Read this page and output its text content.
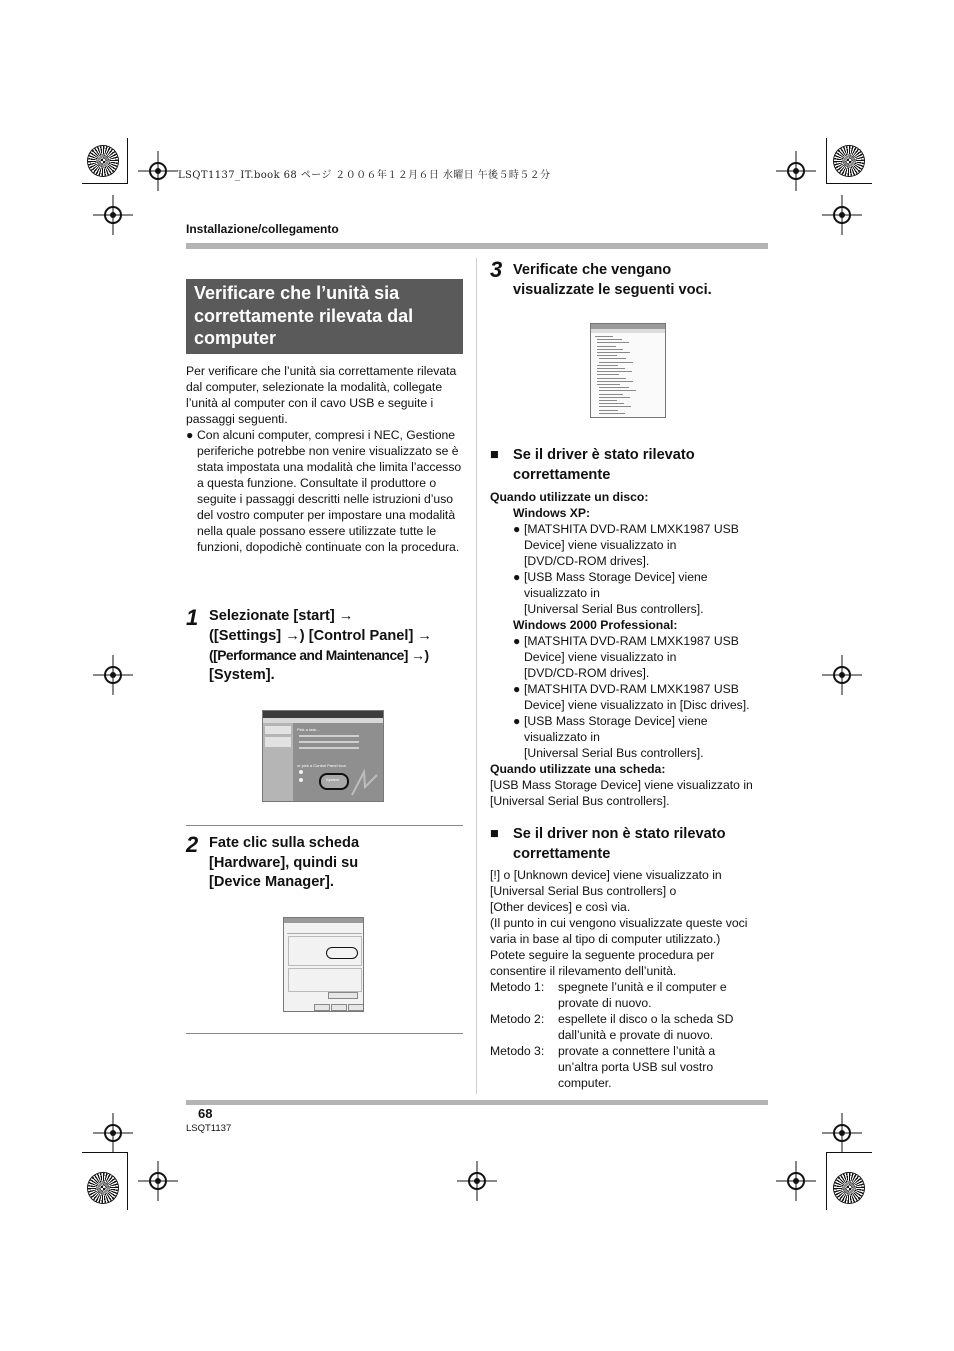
LSQT1137_IT.book 68 ページ ２００６年１２月６日 水曜日 午後５時５２分
Installazione/collegamento
Verificare che l’unità sia correttamente rilevata dal computer
Per verificare che l’unità sia correttamente rilevata dal computer, selezionate la modalità, collegate l’unità al computer con il cavo USB e seguite i passaggi seguenti.
● Con alcuni computer, compresi i NEC, Gestione periferiche potrebbe non venire visualizzato se è stata impostata una modalità che limita l’accesso a questa funzione. Consultate il produttore o seguite i passaggi descritti nelle istruzioni d’uso del vostro computer per impostare una modalità nella quale possano essere utilizzate tutte le funzioni, dopodichè continuate con la procedura.
1 Selezionate [start] →
([Settings] →) [Control Panel] →
([Performance and Maintenance] →)
[System].
Pick a task...
or pick a Control Panel icon
System
2 Fate clic sulla scheda
[Hardware], quindi su
[Device Manager].
3 Verificate che vengano
visualizzate le seguenti voci.
■ Se il driver è stato rilevato
correttamente
Quando utilizzate un disco:
Windows XP:
● [MATSHITA DVD-RAM LMXK1987 USB
Device] viene visualizzato in
[DVD/CD-ROM drives].
● [USB Mass Storage Device] viene
visualizzato in
[Universal Serial Bus controllers].
Windows 2000 Professional:
● [MATSHITA DVD-RAM LMXK1987 USB
Device] viene visualizzato in
[DVD/CD-ROM drives].
● [MATSHITA DVD-RAM LMXK1987 USB
Device] viene visualizzato in [Disc drives].
● [USB Mass Storage Device] viene
visualizzato in
[Universal Serial Bus controllers].
Quando utilizzate una scheda:
[USB Mass Storage Device] viene visualizzato in
[Universal Serial Bus controllers].
■ Se il driver non è stato rilevato
correttamente
[!] o [Unknown device] viene visualizzato in
[Universal Serial Bus controllers] o
[Other devices] e così via.
(Il punto in cui vengono visualizzate queste voci
varia in base al tipo di computer utilizzato.)
Potete seguire la seguente procedura per
consentire il rilevamento dell’unità.
Metodo 1:	spegnete l’unità e il computer e
provate di nuovo.
Metodo 2:	espellete il disco o la scheda SD
dall’unità e provate di nuovo.
Metodo 3:	provate a connettere l’unità a
un’altra porta USB sul vostro
computer.
68
LSQT1137
